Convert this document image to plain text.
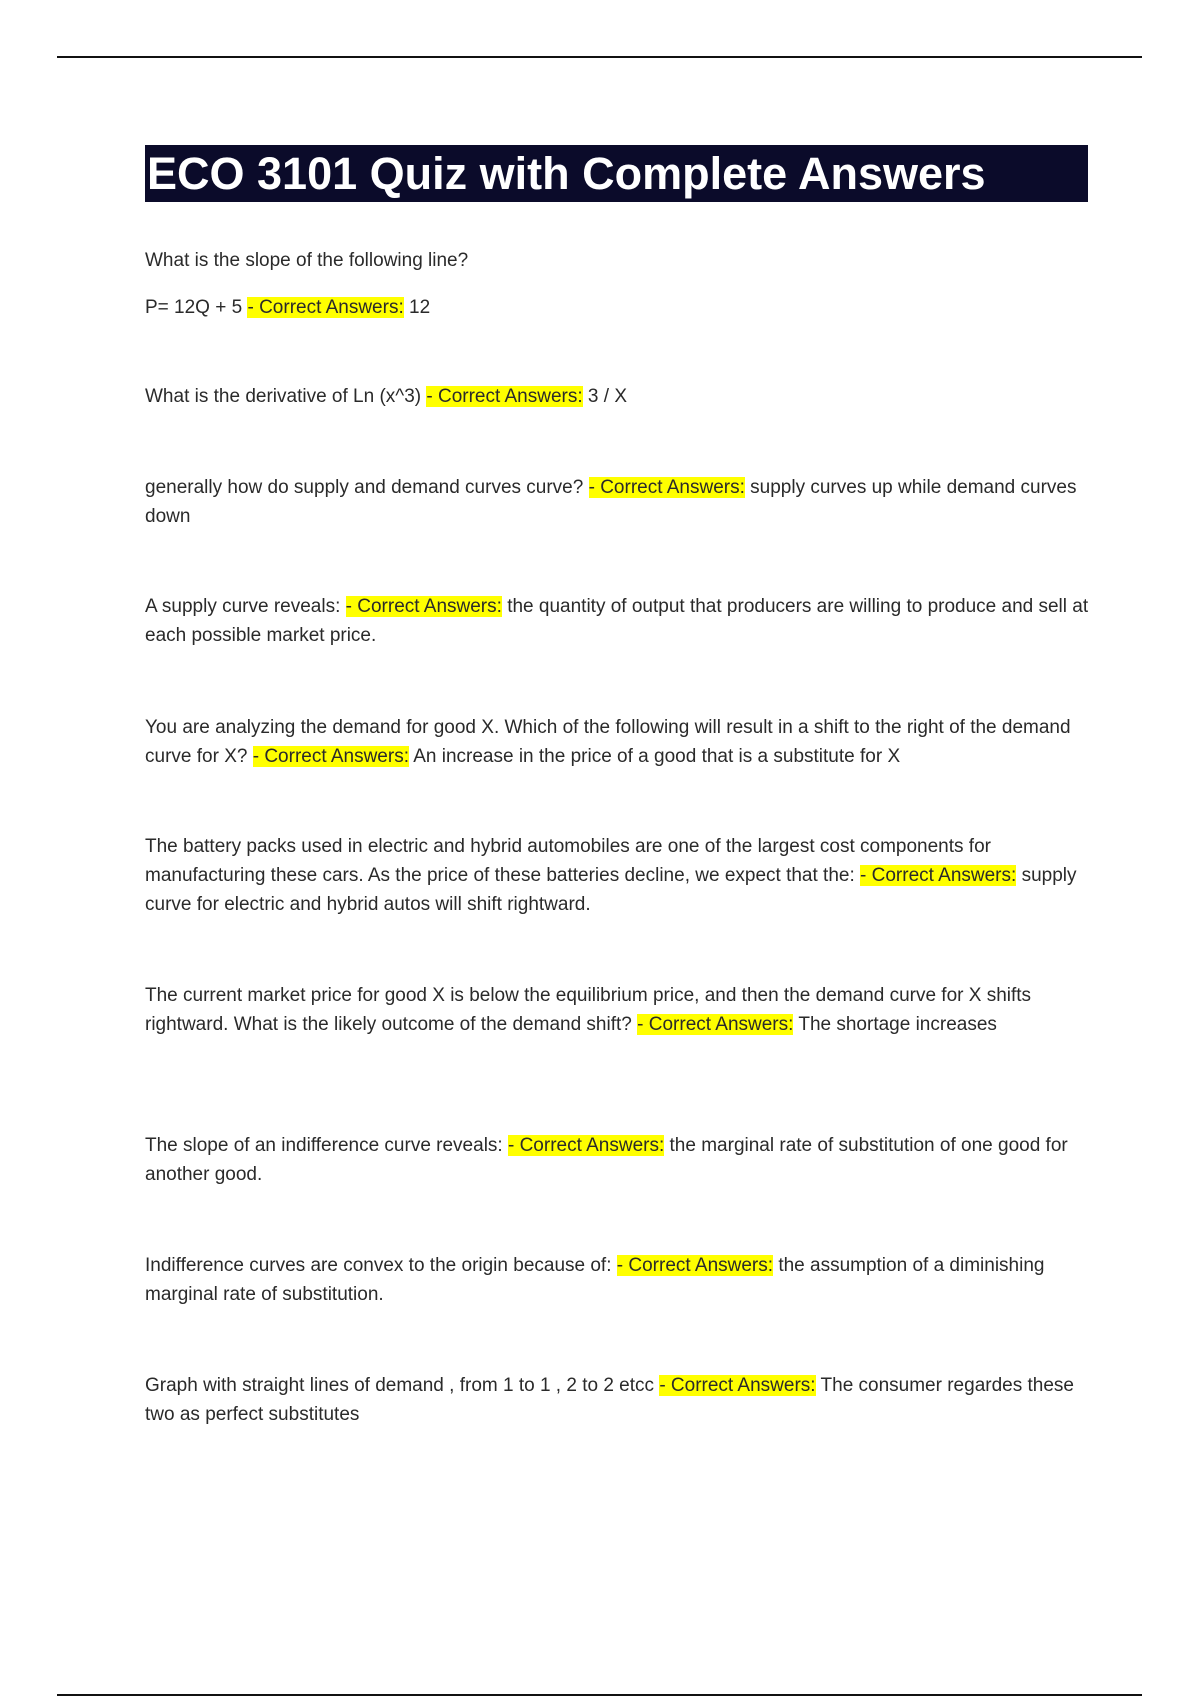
ECO 3101 Quiz with Complete Answers

What is the slope of the following line?

P= 12Q + 5 - Correct Answers: 12

What is the derivative of Ln (x^3) - Correct Answers: 3 / X

generally how do supply and demand curves curve? - Correct Answers: supply curves up while demand curves down

A supply curve reveals: - Correct Answers: the quantity of output that producers are willing to produce and sell at each possible market price.

You are analyzing the demand for good X. Which of the following will result in a shift to the right of the demand curve for X? - Correct Answers: An increase in the price of a good that is a substitute for X

The battery packs used in electric and hybrid automobiles are one of the largest cost components for manufacturing these cars. As the price of these batteries decline, we expect that the: - Correct Answers: supply curve for electric and hybrid autos will shift rightward.

The current market price for good X is below the equilibrium price, and then the demand curve for X shifts rightward. What is the likely outcome of the demand shift? - Correct Answers: The shortage increases

The slope of an indifference curve reveals: - Correct Answers: the marginal rate of substitution of one good for another good.

Indifference curves are convex to the origin because of: - Correct Answers: the assumption of a diminishing marginal rate of substitution.

Graph with straight lines of demand , from 1 to 1 , 2 to 2 etcc - Correct Answers: The consumer regardes these two as perfect substitutes
